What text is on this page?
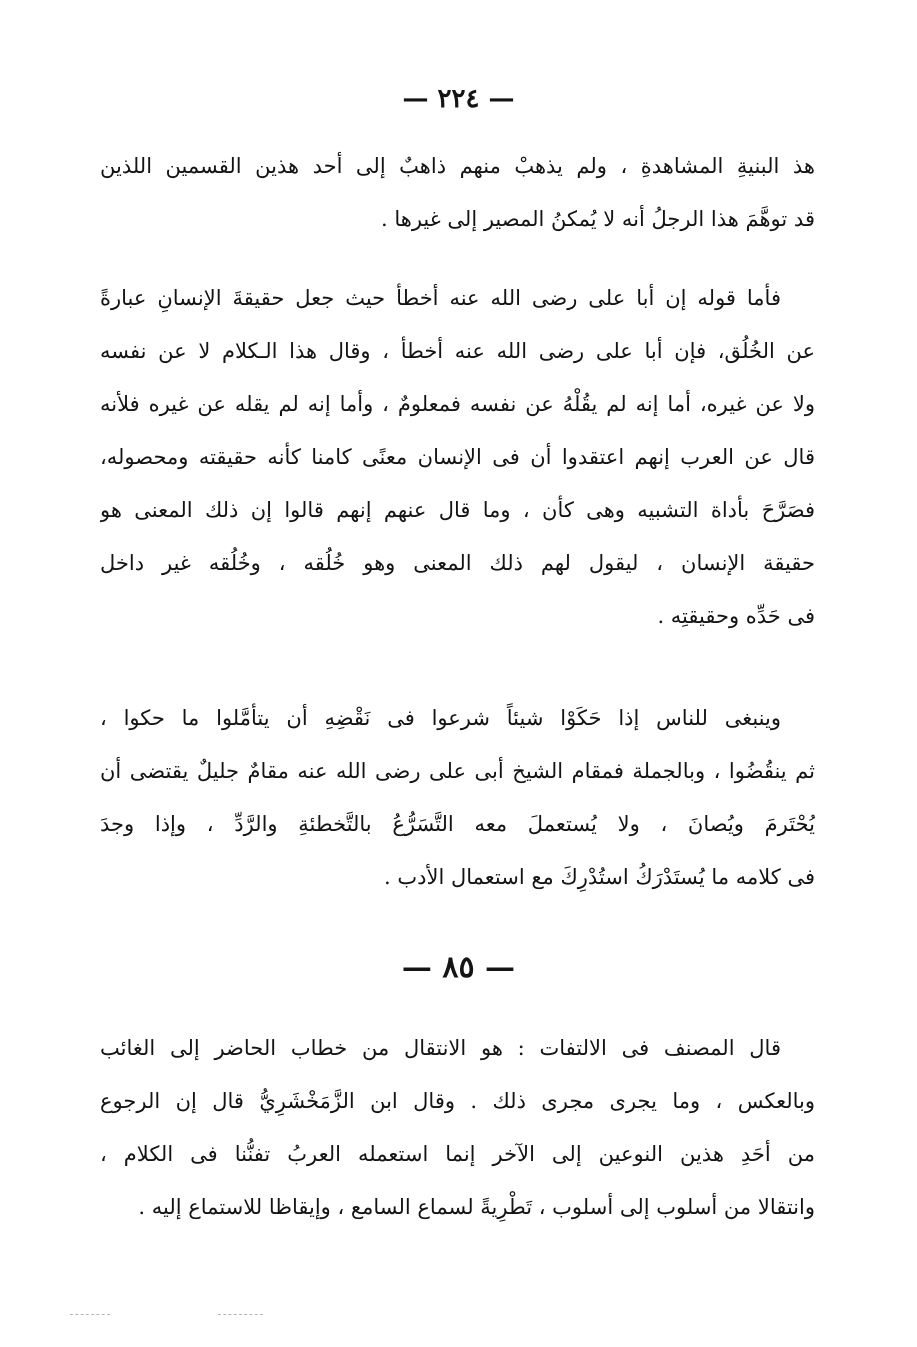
— ٢٢٤ —
هذ البنيةِ المشاهدةِ ، ولم يذهبْ منهم ذاهبٌ إلى أحد هذين القسمين اللذين
قد توهَّمَ هذا الرجلُ أنه لا يُمكنُ المصير إلى غيرها .
فأما قوله إن أبا على رضى الله عنه أخطأ حيث جعل حقيقةَ الإنسانِ عبارةً
عن الخُلُق، فإن أبا على رضى الله عنه أخطأ ، وقال هذا الـكلام لا عن نفسه
ولا عن غيره، أما إنه لم يقُلْهُ عن نفسه فمعلومٌ ، وأما إنه لم يقله عن غيره فلأنه
قال عن العرب إنهم اعتقدوا أن فى الإنسان معنًى كامنا كأنه حقيقته ومحصوله،
فصَرَّحَ بأداة التشبيه وهى كأن ، وما قال عنهم إنهم قالوا إن ذلك المعنى هو
حقيقة الإنسان ، ليقول لهم ذلك المعنى وهو خُلُقه ، وخُلُقه غير داخل
فى حَدِّه وحقيقتِه .
وينبغى للناس إذا حَكَوْا شيئاً شرعوا فى نَقْضِهِ أن يتأمَّلوا ما حكوا ،
ثم ينقُضُوا ، وبالجملة فمقام الشيخ أبى على رضى الله عنه مقامٌ جليلٌ يقتضى أن
يُحْتَرمَ ويُصانَ ، ولا يُستعملَ معه التَّسَرُّعُ بالتَّخطئةِ والرَّدِّ ، وإذا وجدَ
فى كلامه ما يُستَدْرَكُ استُدْرِكَ مع استعمال الأدب .
— ٨٥ —
قال المصنف فى الالتفات : هو الانتقال من خطاب الحاضر إلى الغائب
وبالعكس ، وما يجرى مجرى ذلك . وقال ابن الزَّمَخْشَرِيُّ قال إن الرجوع
من أحَدِ هذين النوعين إلى الآخر إنما استعمله العربُ تفنُّنا فى الكلام ،
وانتقالا من أسلوب إلى أسلوب ، تَطْرِيةً لسماع السامع ، وإيقاظا للاستماع إليه .
